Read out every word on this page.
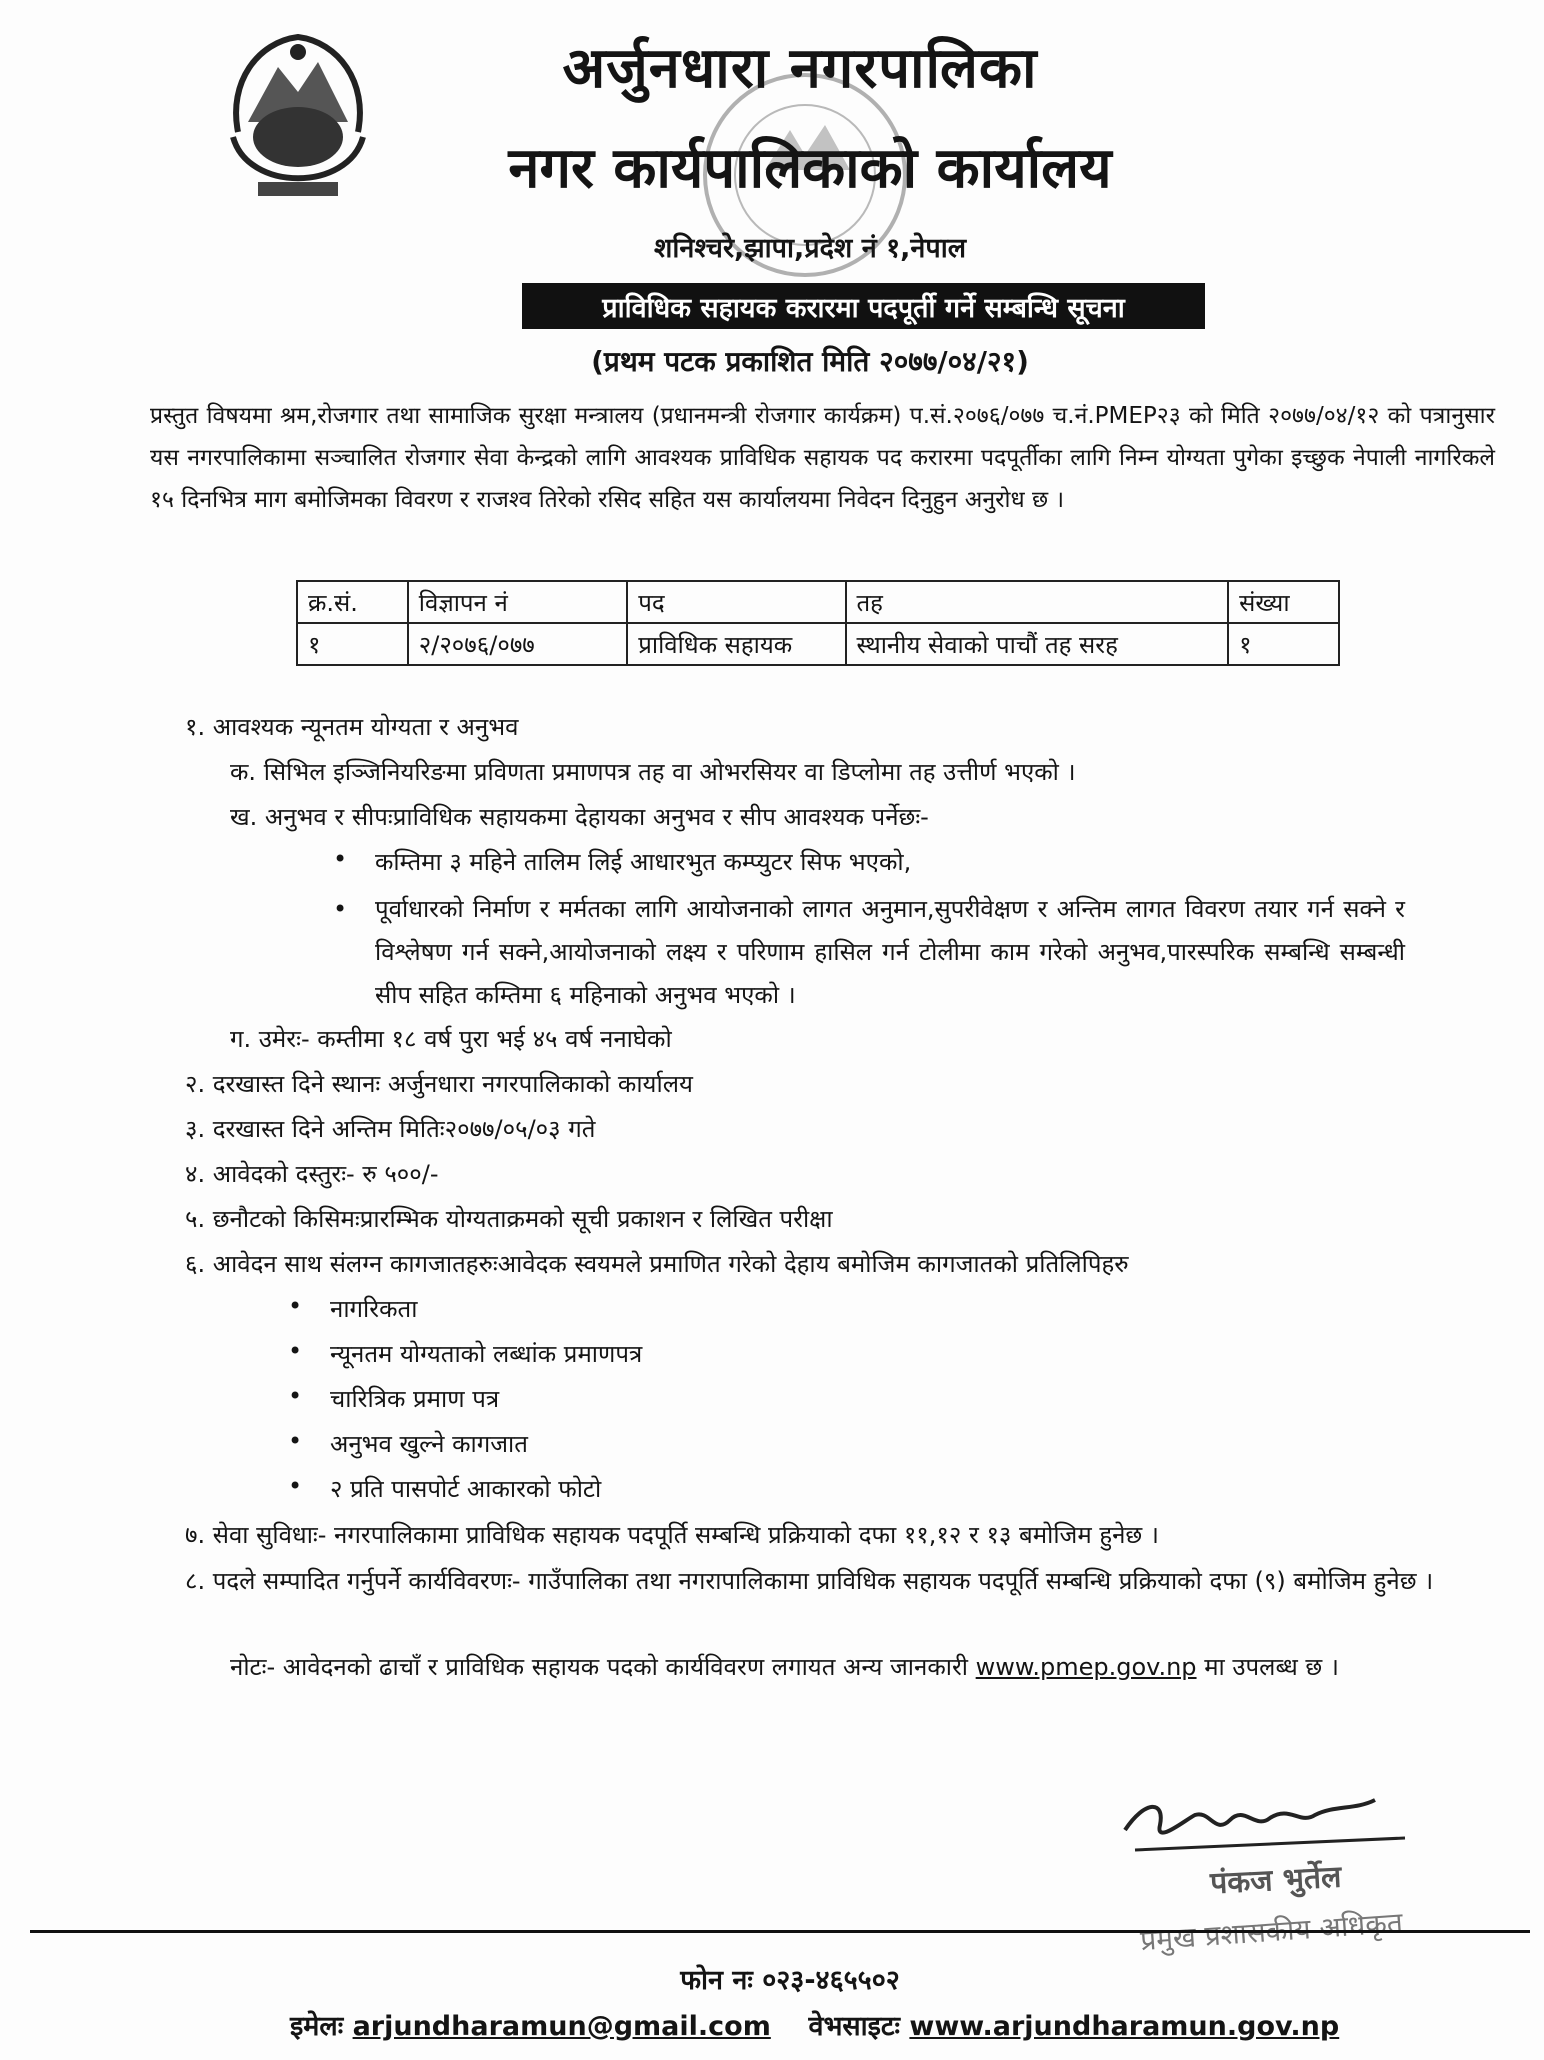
अर्जुनधारा नगरपालिका
नगर कार्यपालिकाको कार्यालय
शनिश्चरे,झापा,प्रदेश नं १,नेपाल
प्राविधिक सहायक करारमा पदपूर्ती गर्ने सम्बन्धि सूचना
(प्रथम पटक प्रकाशित मिति २०७७/०४/२१)
प्रस्तुत विषयमा श्रम,रोजगार तथा सामाजिक सुरक्षा मन्त्रालय (प्रधानमन्त्री रोजगार कार्यक्रम) प.सं.२०७६/०७७ च.नं.PMEP२३ को मिति २०७७/०४/१२ को पत्रानुसार यस नगरपालिकामा सञ्चालित रोजगार सेवा केन्द्रको लागि आवश्यक प्राविधिक सहायक पद करारमा पदपूर्तीका लागि निम्न योग्यता पुगेका इच्छुक नेपाली नागरिकले १५ दिनभित्र माग बमोजिमका विवरण र राजश्व तिरेको रसिद सहित यस कार्यालयमा निवेदन दिनुहुन अनुरोध छ ।
क्र.सं.	विज्ञापन नं	पद	तह	संख्या
१	२/२०७६/०७७	प्राविधिक सहायक	स्थानीय सेवाको पाचौं तह सरह	१
१. आवश्यक न्यूनतम योग्यता र अनुभव
क. सिभिल इञ्जिनियरिङमा प्रविणता प्रमाणपत्र तह वा ओभरसियर वा डिप्लोमा तह उत्तीर्ण भएको ।
ख. अनुभव र सीपःप्राविधिक सहायकमा देहायका अनुभव र सीप आवश्यक पर्नेछः-
• कम्तिमा ३ महिने तालिम लिई आधारभुत कम्प्युटर सिफ भएको,
• पूर्वाधारको निर्माण र मर्मतका लागि आयोजनाको लागत अनुमान,सुपरीवेक्षण र अन्तिम लागत विवरण तयार गर्न सक्ने र विश्लेषण गर्न सक्ने,आयोजनाको लक्ष्य र परिणाम हासिल गर्न टोलीमा काम गरेको अनुभव,पारस्परिक सम्बन्धि सम्बन्धी सीप सहित कम्तिमा ६ महिनाको अनुभव भएको ।
ग. उमेरः- कम्तीमा १८ वर्ष पुरा भई ४५ वर्ष ननाघेको
२. दरखास्त दिने स्थानः अर्जुनधारा नगरपालिकाको कार्यालय
३. दरखास्त दिने अन्तिम मितिः२०७७/०५/०३ गते
४. आवेदको दस्तुरः- रु ५००/-
५. छनौटको किसिमःप्रारम्भिक योग्यताक्रमको सूची प्रकाशन र लिखित परीक्षा
६. आवेदन साथ संलग्न कागजातहरुःआवेदक स्वयमले प्रमाणित गरेको देहाय बमोजिम कागजातको प्रतिलिपिहरु
• नागरिकता
• न्यूनतम योग्यताको लब्धांक प्रमाणपत्र
• चारित्रिक प्रमाण पत्र
• अनुभव खुल्ने कागजात
• २ प्रति पासपोर्ट आकारको फोटो
७. सेवा सुविधाः- नगरपालिकामा प्राविधिक सहायक पदपूर्ति सम्बन्धि प्रक्रियाको दफा ११,१२ र १३ बमोजिम हुनेछ ।
८. पदले सम्पादित गर्नुपर्ने कार्यविवरणः- गाउँपालिका तथा नगरापालिकामा प्राविधिक सहायक पदपूर्ति सम्बन्धि प्रक्रियाको दफा (९) बमोजिम हुनेछ ।
नोटः- आवेदनको ढाचाँ र प्राविधिक सहायक पदको कार्यविवरण लगायत अन्य जानकारी www.pmep.gov.np मा उपलब्ध छ ।
पंकज भुर्तेल
प्रमुख प्रशासकीय अधिकृत
फोन नः ०२३-४६५५०२
इमेलः arjundharamun@gmail.com वेभसाइटः www.arjundharamun.gov.np
